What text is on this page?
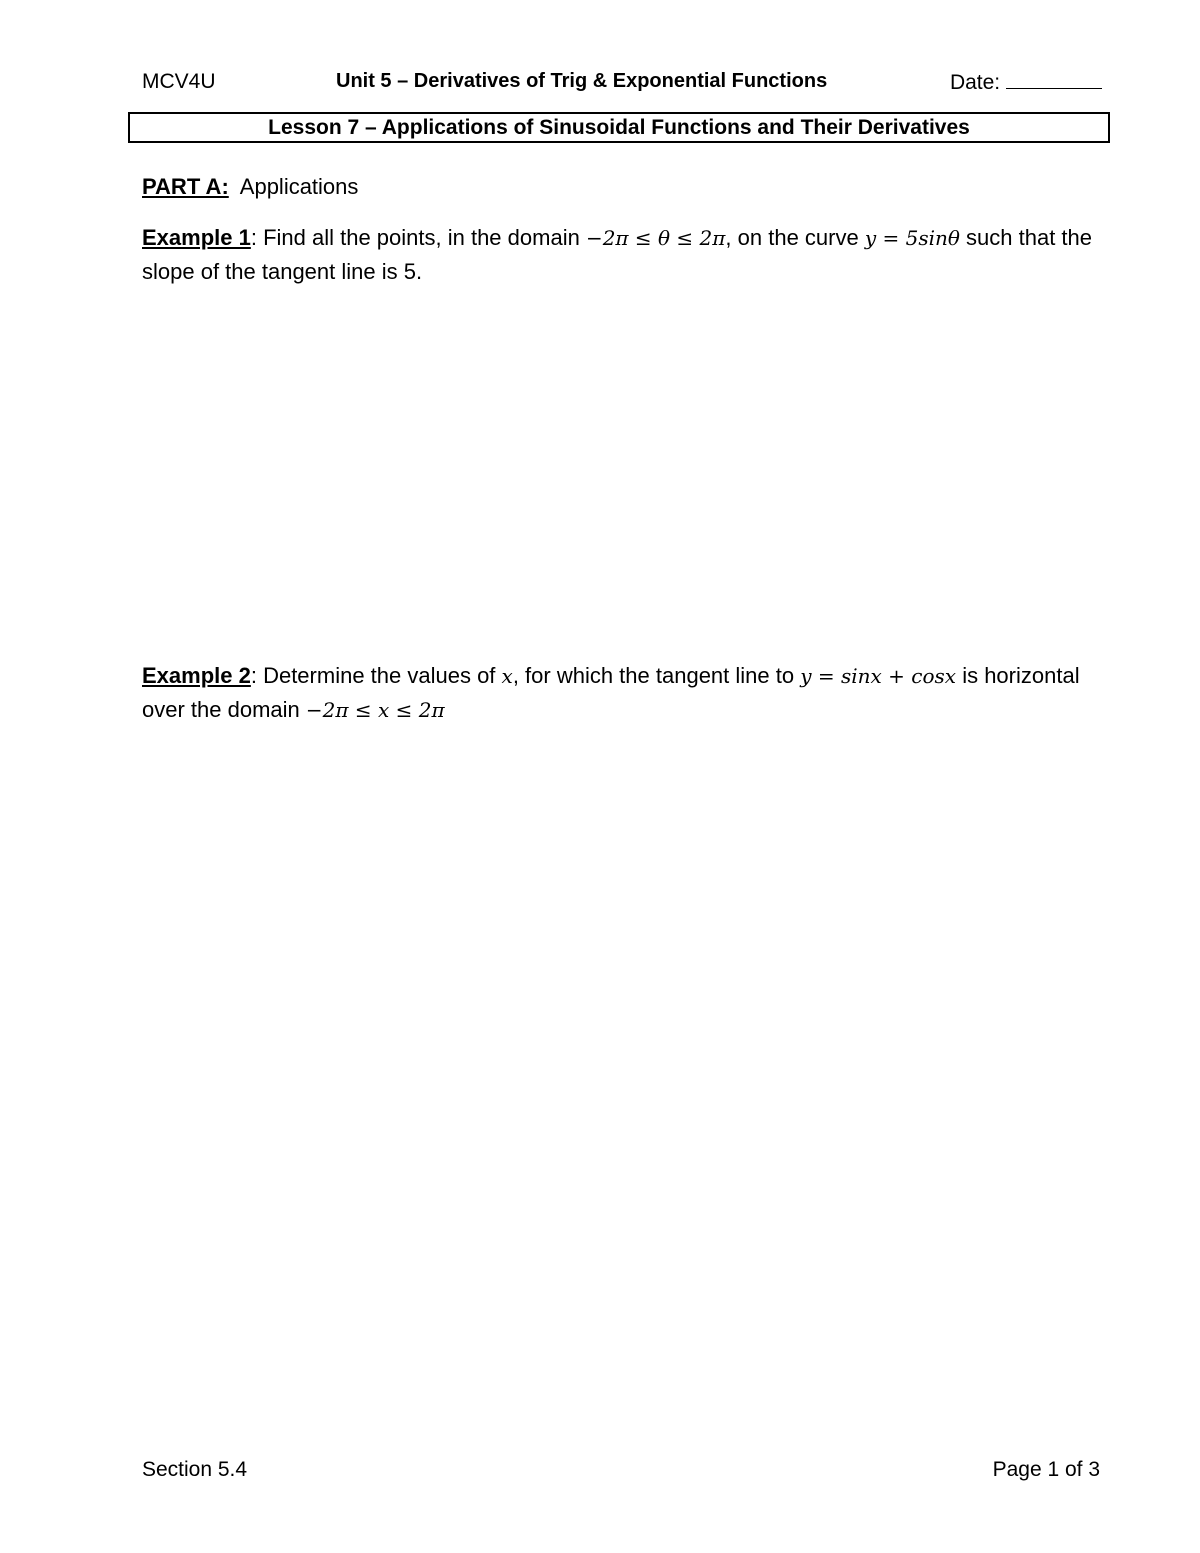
MCV4U	Unit 5 – Derivatives of Trig & Exponential Functions	Date:
Lesson 7 – Applications of Sinusoidal Functions and Their Derivatives
PART A: Applications
Example 1: Find all the points, in the domain −2π ≤ θ ≤ 2π, on the curve y = 5sinθ such that the slope of the tangent line is 5.
Example 2: Determine the values of x, for which the tangent line to y = sinx + cosx is horizontal over the domain −2π ≤ x ≤ 2π
Section 5.4	Page 1 of 3
